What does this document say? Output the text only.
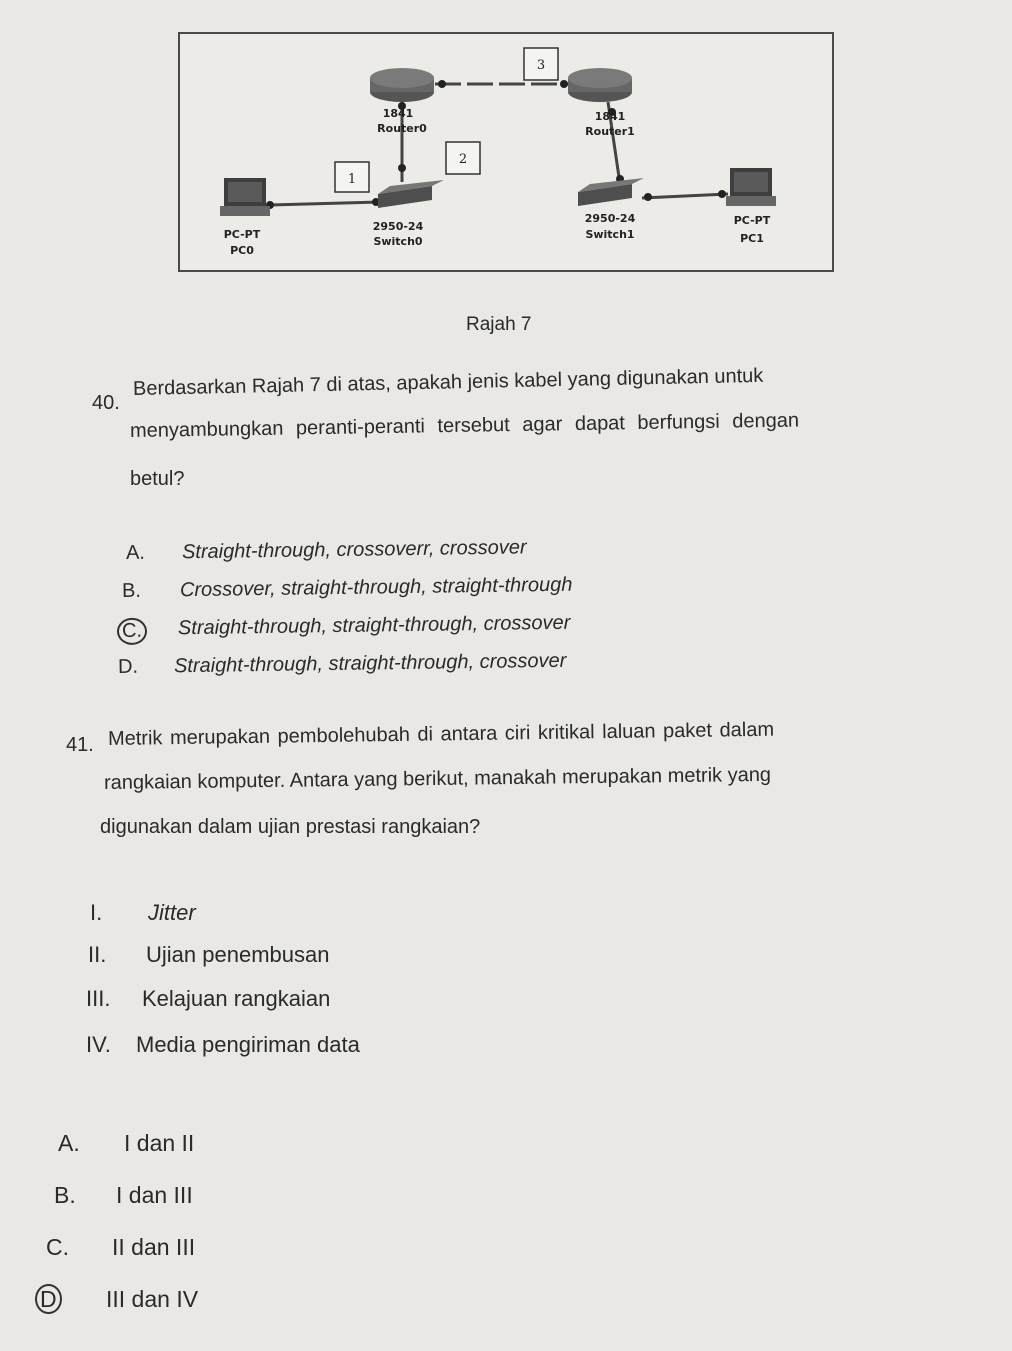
1
2
3
1841
Router0
1841
Router1
2950-24
Switch0
2950-24
Switch1
PC-PT
PC0
PC-PT
PC1
Rajah 7
40.
Berdasarkan Rajah 7 di atas, apakah jenis kabel yang digunakan untuk
menyambungkan peranti-peranti tersebut agar dapat berfungsi dengan
betul?
A. Straight-through, crossoverr, crossover
B. Crossover, straight-through, straight-through
C. Straight-through, straight-through, crossover
D. Straight-through, straight-through, crossover
41. Metrik merupakan pembolehubah di antara ciri kritikal laluan paket dalam
rangkaian komputer. Antara yang berikut, manakah merupakan metrik yang
digunakan dalam ujian prestasi rangkaian?
I. Jitter
II. Ujian penembusan
III. Kelajuan rangkaian
IV. Media pengiriman data
A. I dan II
B. I dan III
C. II dan III
D III dan IV
